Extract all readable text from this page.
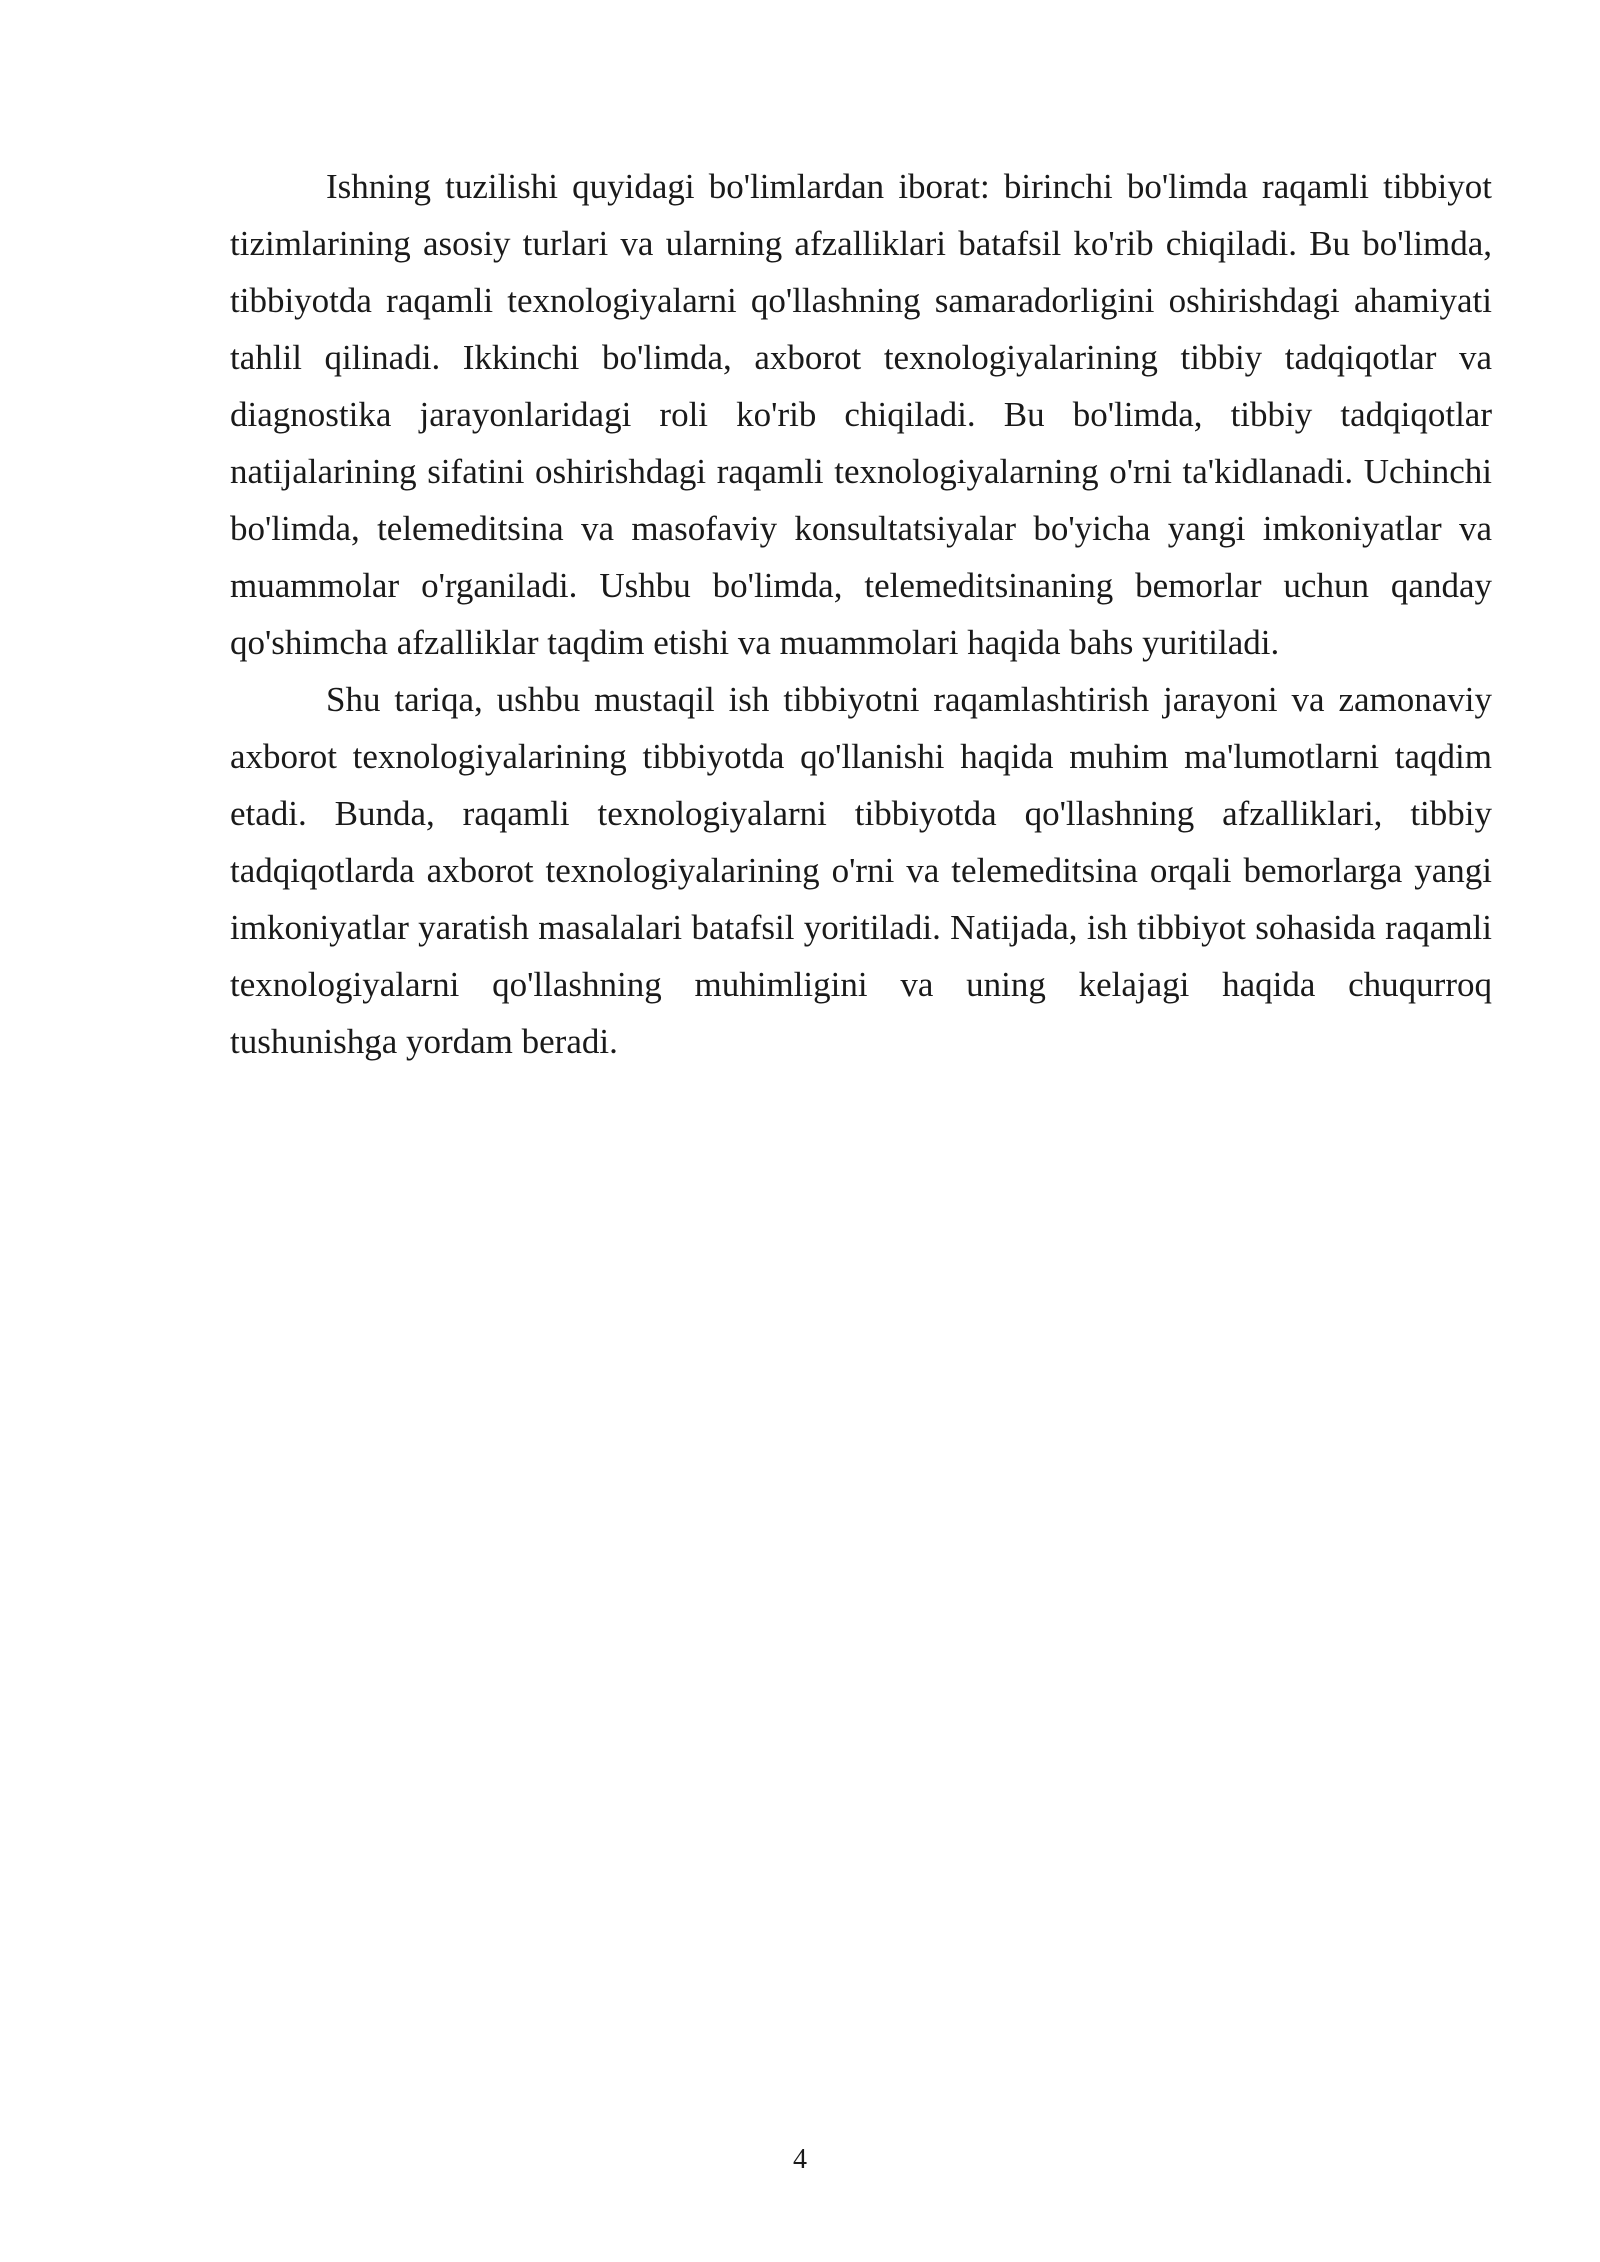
Ishning tuzilishi quyidagi bo'limlardan iborat: birinchi bo'limda raqamli tibbiyot tizimlarining asosiy turlari va ularning afzalliklari batafsil ko'rib chiqiladi. Bu bo'limda, tibbiyotda raqamli texnologiyalarni qo'llashning samaradorligini oshirishdagi ahamiyati tahlil qilinadi. Ikkinchi bo'limda, axborot texnologiyalarining tibbiy tadqiqotlar va diagnostika jarayonlaridagi roli ko'rib chiqiladi. Bu bo'limda, tibbiy tadqiqotlar natijalarining sifatini oshirishdagi raqamli texnologiyalarning o'rni ta'kidlanadi. Uchinchi bo'limda, telemeditsina va masofaviy konsultatsiyalar bo'yicha yangi imkoniyatlar va muammolar o'rganiladi. Ushbu bo'limda, telemeditsinaning bemorlar uchun qanday qo'shimcha afzalliklar taqdim etishi va muammolari haqida bahs yuritiladi.

Shu tariqa, ushbu mustaqil ish tibbiyotni raqamlashtirish jarayoni va zamonaviy axborot texnologiyalarining tibbiyotda qo'llanishi haqida muhim ma'lumotlarni taqdim etadi. Bunda, raqamli texnologiyalarni tibbiyotda qo'llashning afzalliklari, tibbiy tadqiqotlarda axborot texnologiyalarining o'rni va telemeditsina orqali bemorlarga yangi imkoniyatlar yaratish masalalari batafsil yoritiladi. Natijada, ish tibbiyot sohasida raqamli texnologiyalarni qo'llashning muhimligini va uning kelajagi haqida chuqurroq tushunishga yordam beradi.

4
